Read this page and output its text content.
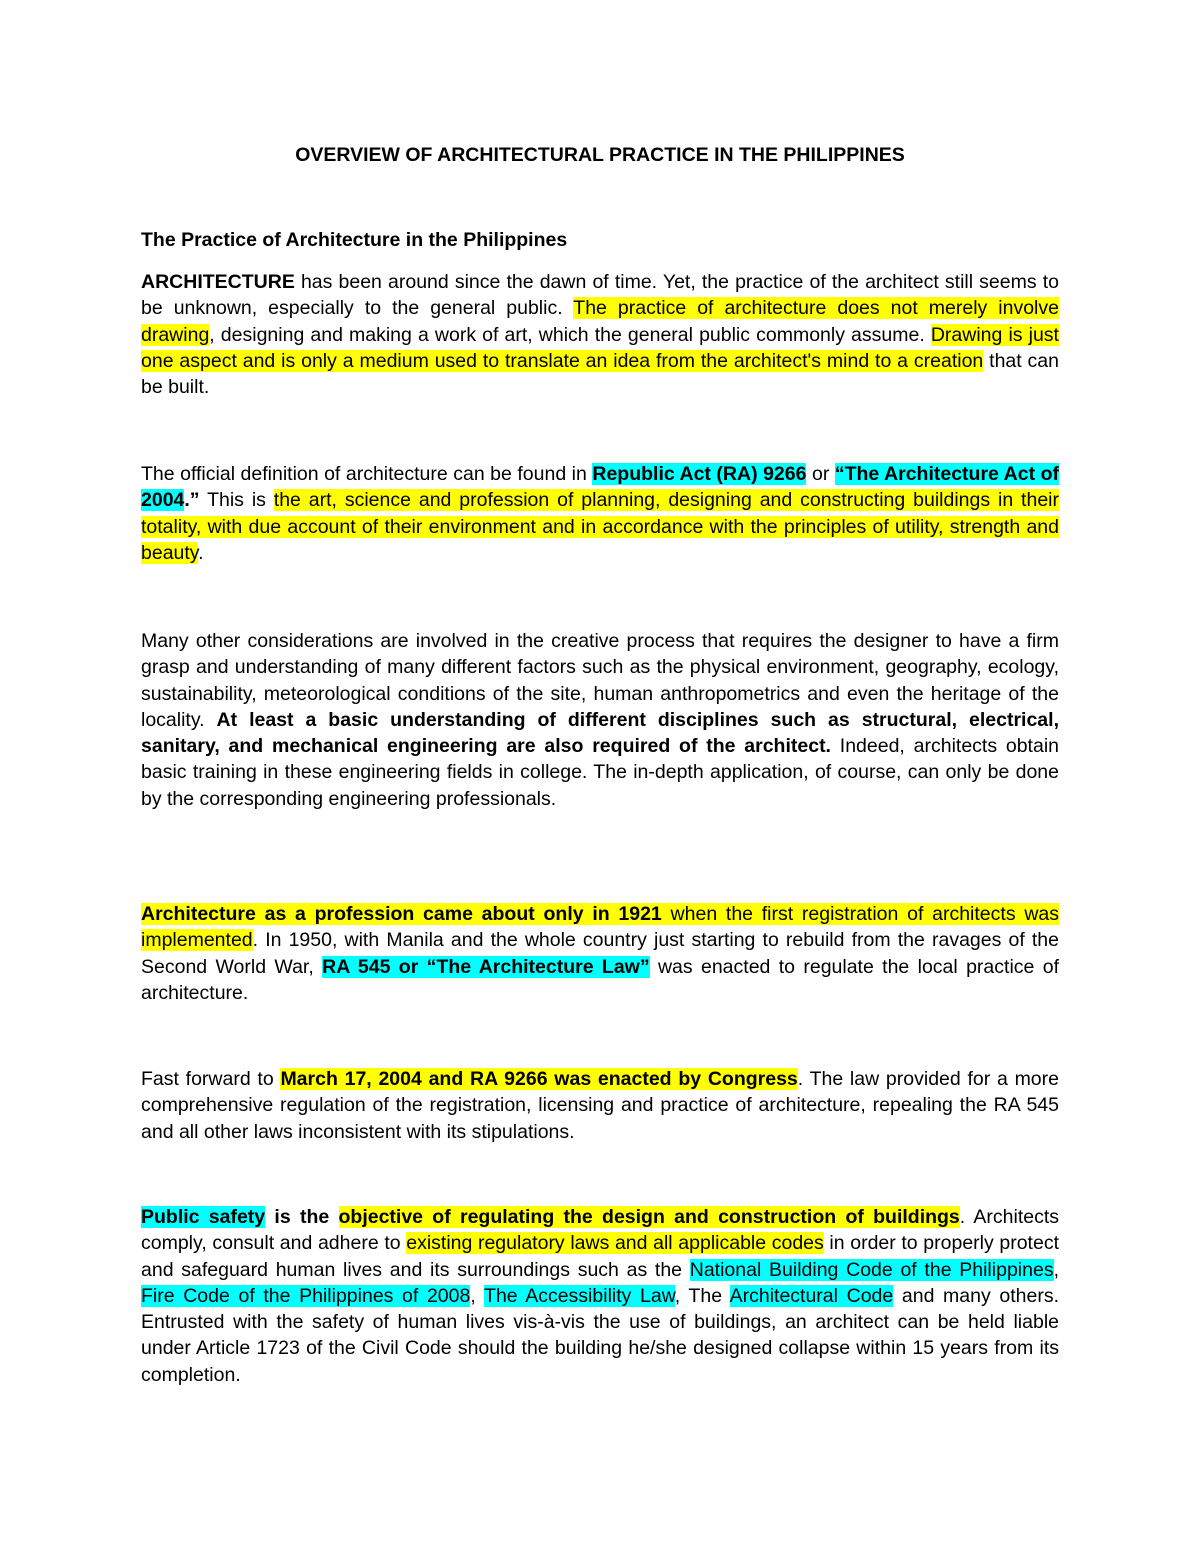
OVERVIEW OF ARCHITECTURAL PRACTICE IN THE PHILIPPINES
The Practice of Architecture in the Philippines

ARCHITECTURE has been around since the dawn of time. Yet, the practice of the architect still seems to be unknown, especially to the general public. The practice of architecture does not merely involve drawing, designing and making a work of art, which the general public commonly assume. Drawing is just one aspect and is only a medium used to translate an idea from the architect's mind to a creation that can be built.

The official definition of architecture can be found in Republic Act (RA) 9266 or “The Architecture Act of 2004.” This is the art, science and profession of planning, designing and constructing buildings in their totality, with due account of their environment and in accordance with the principles of utility, strength and beauty.

Many other considerations are involved in the creative process that requires the designer to have a firm grasp and understanding of many different factors such as the physical environment, geography, ecology, sustainability, meteorological conditions of the site, human anthropometrics and even the heritage of the locality. At least a basic understanding of different disciplines such as structural, electrical, sanitary, and mechanical engineering are also required of the architect. Indeed, architects obtain basic training in these engineering fields in college. The in-depth application, of course, can only be done by the corresponding engineering professionals.

Architecture as a profession came about only in 1921 when the first registration of architects was implemented. In 1950, with Manila and the whole country just starting to rebuild from the ravages of the Second World War, RA 545 or “The Architecture Law” was enacted to regulate the local practice of architecture.

Fast forward to March 17, 2004 and RA 9266 was enacted by Congress. The law provided for a more comprehensive regulation of the registration, licensing and practice of architecture, repealing the RA 545 and all other laws inconsistent with its stipulations.

Public safety is the objective of regulating the design and construction of buildings. Architects comply, consult and adhere to existing regulatory laws and all applicable codes in order to properly protect and safeguard human lives and its surroundings such as the National Building Code of the Philippines, Fire Code of the Philippines of 2008, The Accessibility Law, The Architectural Code and many others. Entrusted with the safety of human lives vis-à-vis the use of buildings, an architect can be held liable under Article 1723 of the Civil Code should the building he/she designed collapse within 15 years from its completion.
